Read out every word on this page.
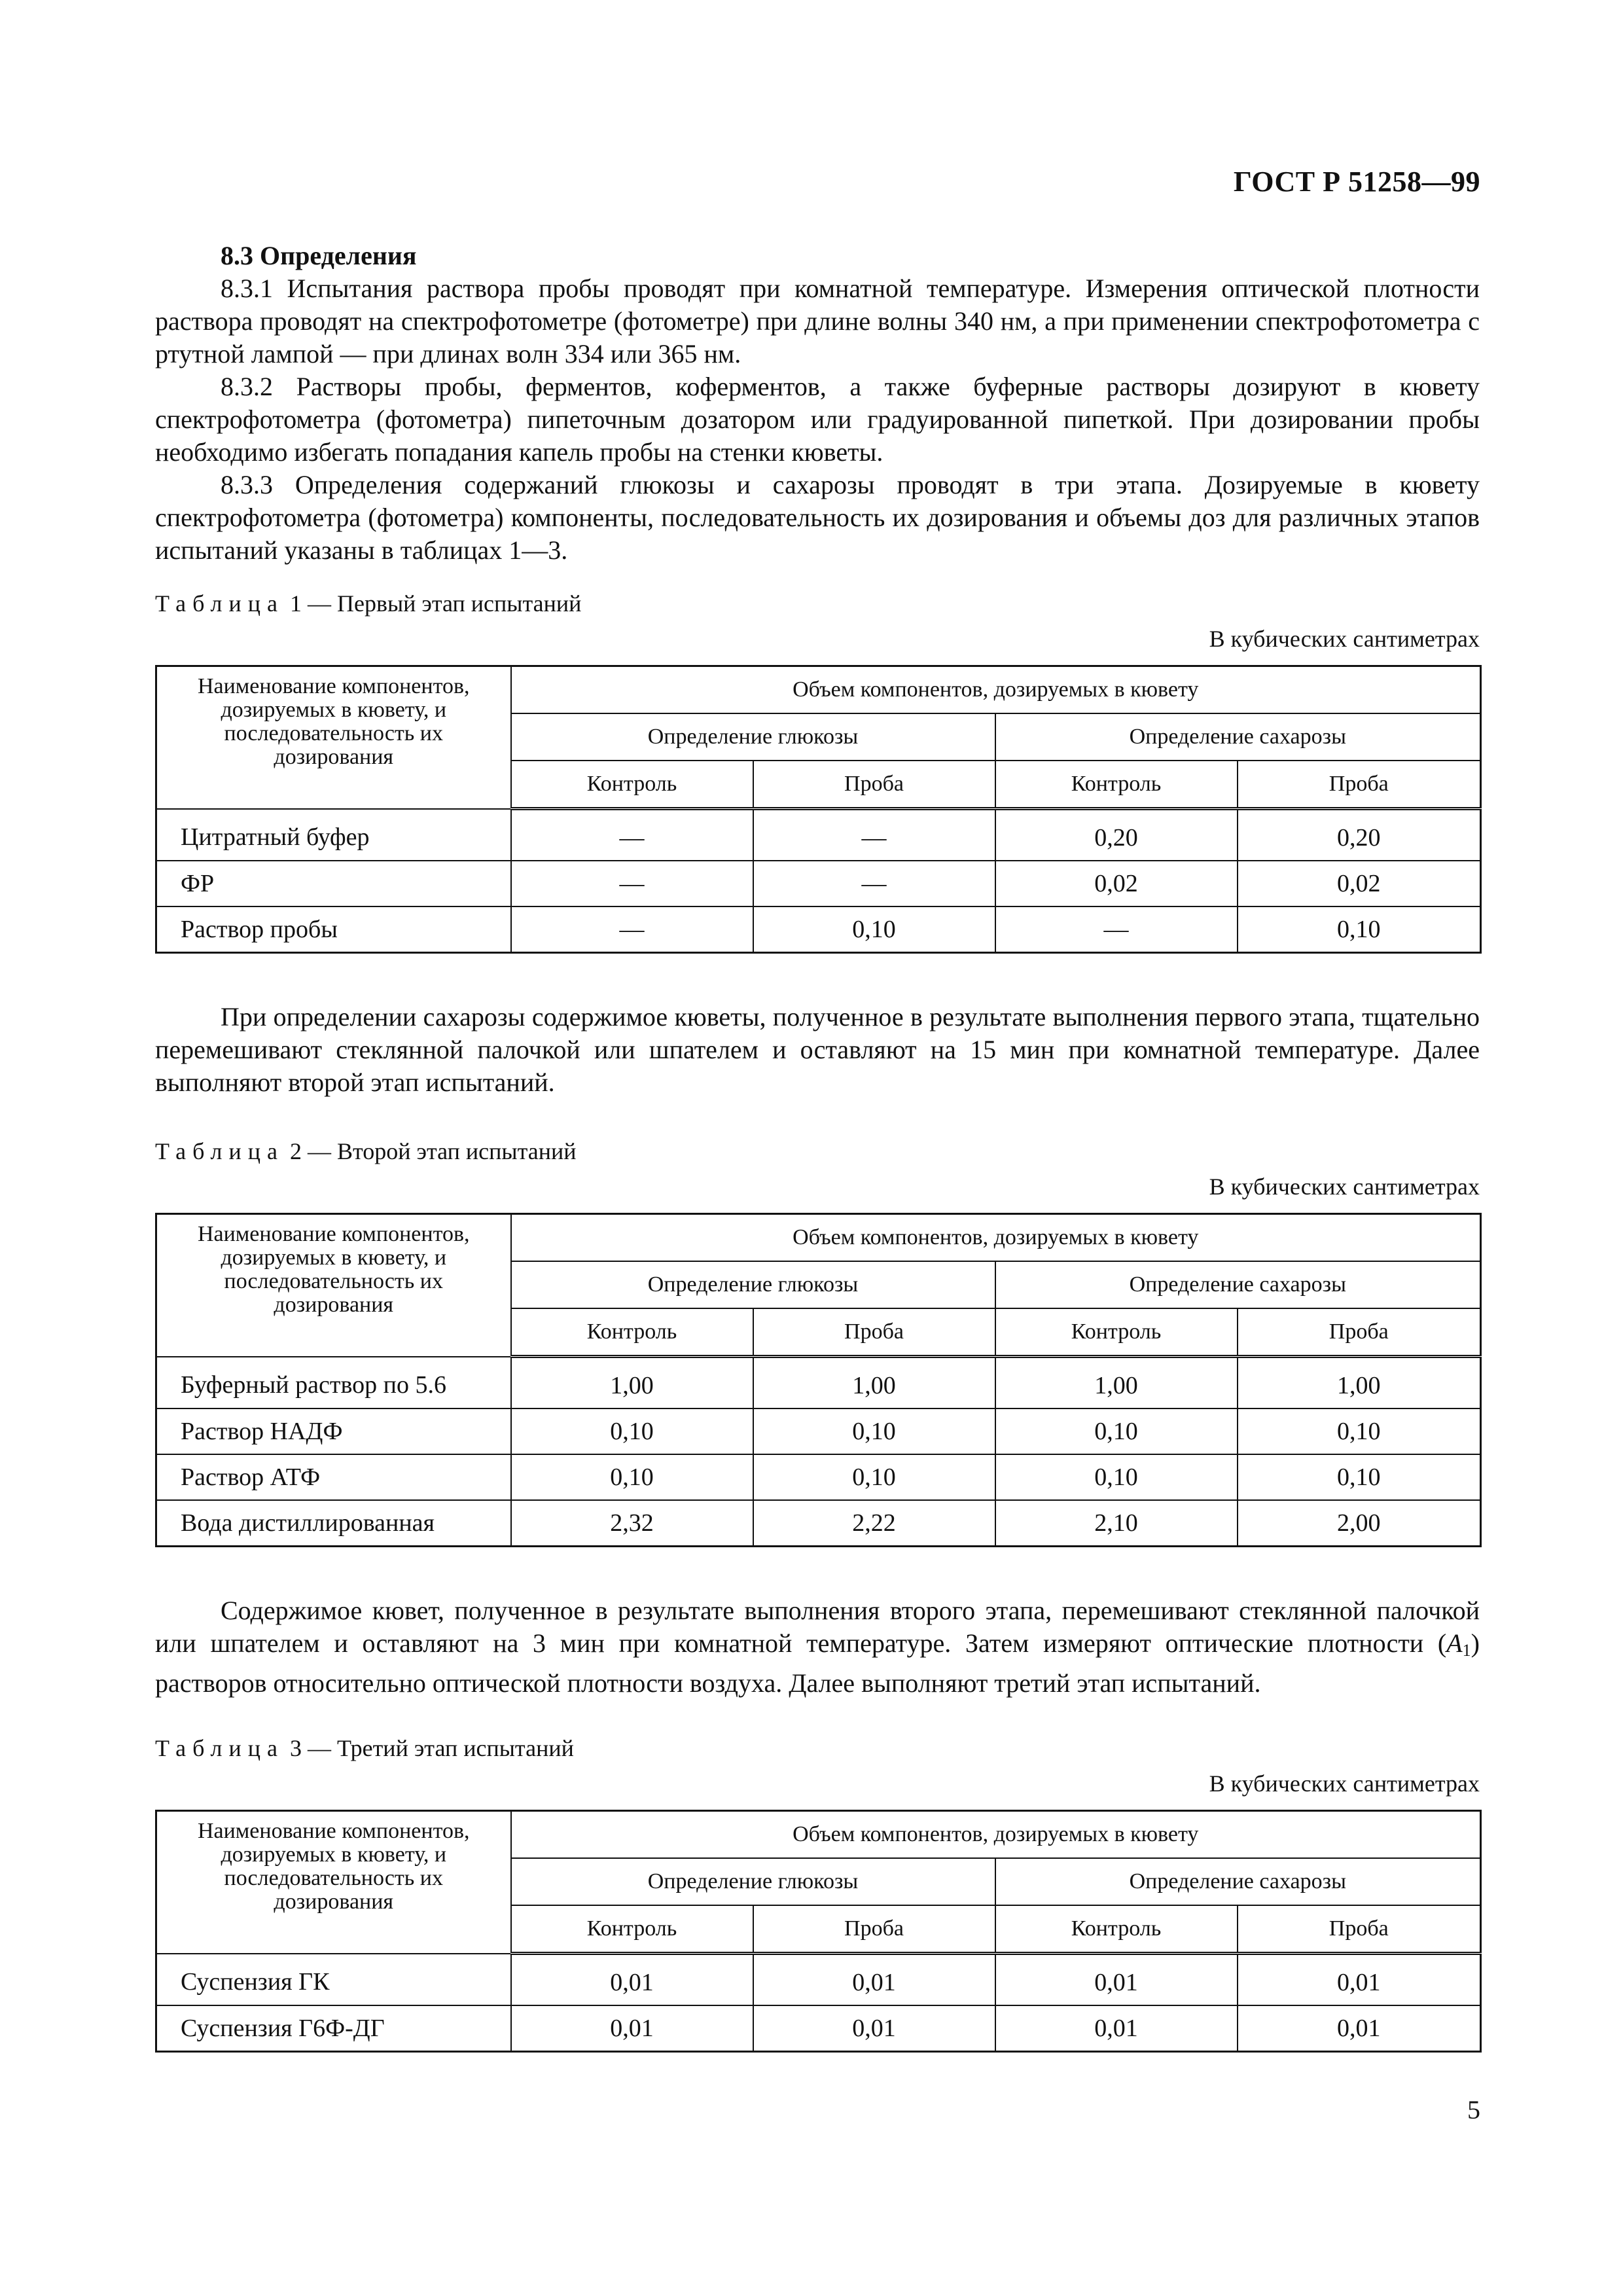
ГОСТ Р 51258—99
8.3 Определения

8.3.1 Испытания раствора пробы проводят при комнатной температуре. Измерения оптической плотности раствора проводят на спектрофотометре (фотометре) при длине волны 340 нм, а при применении спектрофотометра с ртутной лампой — при длинах волн 334 или 365 нм.

8.3.2 Растворы пробы, ферментов, коферментов, а также буферные растворы дозируют в кювету спектрофотометра (фотометра) пипеточным дозатором или градуированной пипеткой. При дозировании пробы необходимо избегать попадания капель пробы на стенки кюветы.

8.3.3 Определения содержаний глюкозы и сахарозы проводят в три этапа. Дозируемые в кювету спектрофотометра (фотометра) компоненты, последовательность их дозирования и объемы доз для различных этапов испытаний указаны в таблицах 1—3.

Таблица 1 — Первый этап испытаний
В кубических сантиметрах
Наименование компонентов, дозируемых в кювету, и последовательность их дозирования	Объем компонентов, дозируемых в кювету			
	Определение глюкозы		Определение сахарозы	
	Контроль	Проба	Контроль	Проба
Цитратный буфер	—	—	0,20	0,20
ФР	—	—	0,02	0,02
Раствор пробы	—	0,10	—	0,10

При определении сахарозы содержимое кюветы, полученное в результате выполнения первого этапа, тщательно перемешивают стеклянной палочкой или шпателем и оставляют на 15 мин при комнатной температуре. Далее выполняют второй этап испытаний.

Таблица 2 — Второй этап испытаний
В кубических сантиметрах
Наименование компонентов, дозируемых в кювету, и последовательность их дозирования	Объем компонентов, дозируемых в кювету			
	Определение глюкозы		Определение сахарозы	
	Контроль	Проба	Контроль	Проба
Буферный раствор по 5.6	1,00	1,00	1,00	1,00
Раствор НАДФ	0,10	0,10	0,10	0,10
Раствор АТФ	0,10	0,10	0,10	0,10
Вода дистиллированная	2,32	2,22	2,10	2,00

Содержимое кювет, полученное в результате выполнения второго этапа, перемешивают стеклянной палочкой или шпателем и оставляют на 3 мин при комнатной температуре. Затем измеряют оптические плотности $(A_1)$ растворов относительно оптической плотности воздуха. Далее выполняют третий этап испытаний.

Таблица 3 — Третий этап испытаний
В кубических сантиметрах
Наименование компонентов, дозируемых в кювету, и последовательность их дозирования	Объем компонентов, дозируемых в кювету			
	Определение глюкозы		Определение сахарозы	
	Контроль	Проба	Контроль	Проба
Суспензия ГК	0,01	0,01	0,01	0,01
Суспензия Г6Ф-ДГ	0,01	0,01	0,01	0,01
5
